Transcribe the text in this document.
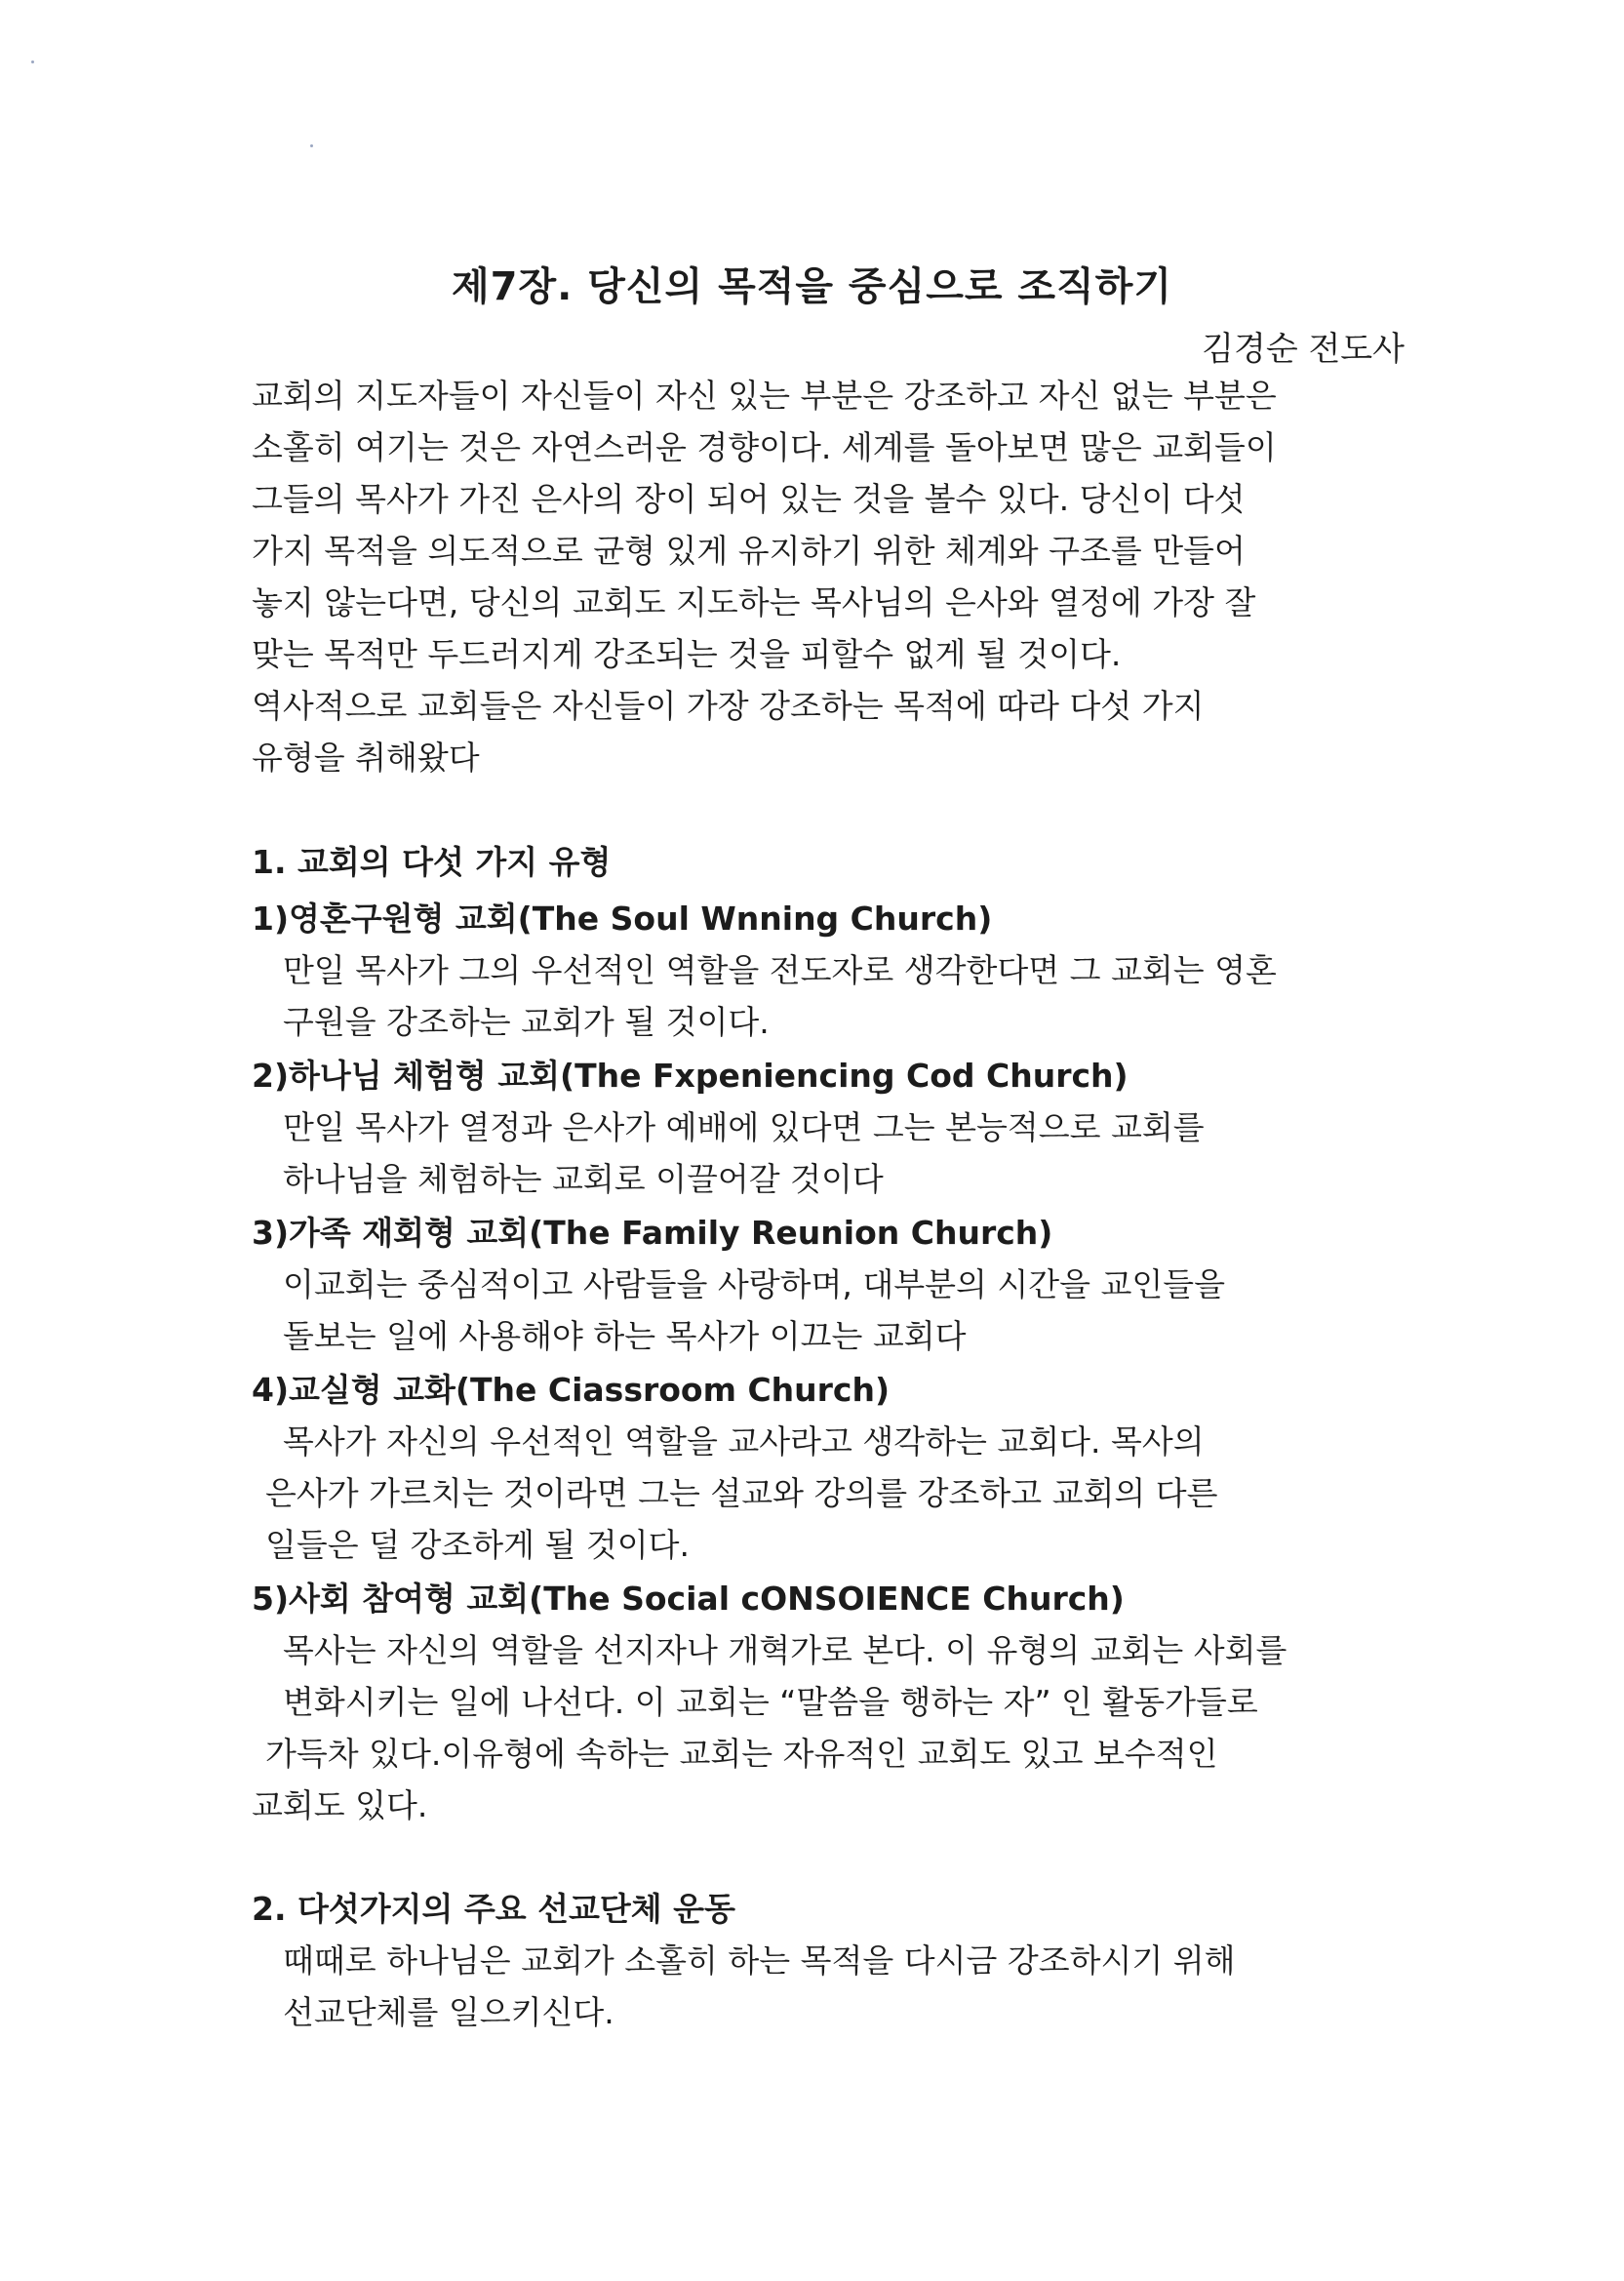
제7장. 당신의 목적을 중심으로 조직하기
김경순 전도사
교회의 지도자들이 자신들이 자신 있는 부분은 강조하고 자신 없는 부분은
소홀히 여기는 것은 자연스러운 경향이다. 세계를 돌아보면 많은 교회들이
그들의 목사가 가진 은사의 장이 되어 있는 것을 볼수 있다. 당신이 다섯
가지 목적을 의도적으로 균형 있게 유지하기 위한 체계와 구조를 만들어
놓지 않는다면, 당신의 교회도 지도하는 목사님의 은사와 열정에 가장 잘
맞는 목적만 두드러지게 강조되는 것을 피할수 없게 될 것이다.
역사적으로 교회들은 자신들이 가장 강조하는 목적에 따라 다섯 가지
유형을 취해왔다
1. 교회의 다섯 가지 유형
1)영혼구원형 교회(The Soul Wnning Church)
만일 목사가 그의 우선적인 역할을 전도자로 생각한다면 그 교회는 영혼
구원을 강조하는 교회가 될 것이다.
2)하나님 체험형 교회(The Fxpeniencing Cod Church)
만일 목사가 열정과 은사가 예배에 있다면 그는 본능적으로 교회를
하나님을 체험하는 교회로 이끌어갈 것이다
3)가족 재회형 교회(The Family Reunion Church)
이교회는 중심적이고 사람들을 사랑하며, 대부분의 시간을 교인들을
돌보는 일에 사용해야 하는 목사가 이끄는 교회다
4)교실형 교화(The Ciassroom Church)
목사가 자신의 우선적인 역할을 교사라고 생각하는 교회다. 목사의
은사가 가르치는 것이라면 그는 설교와 강의를 강조하고 교회의 다른
일들은 덜 강조하게 될 것이다.
5)사회 참여형 교회(The Social cONSOIENCE Church)
목사는 자신의 역할을 선지자나 개혁가로 본다. 이 유형의 교회는 사회를
변화시키는 일에 나선다. 이 교회는 “말씀을 행하는 자” 인 활동가들로
가득차 있다.이유형에 속하는 교회는 자유적인 교회도 있고 보수적인
교회도 있다.
2. 다섯가지의 주요 선교단체 운동
때때로 하나님은 교회가 소홀히 하는 목적을 다시금 강조하시기 위해
선교단체를 일으키신다.
